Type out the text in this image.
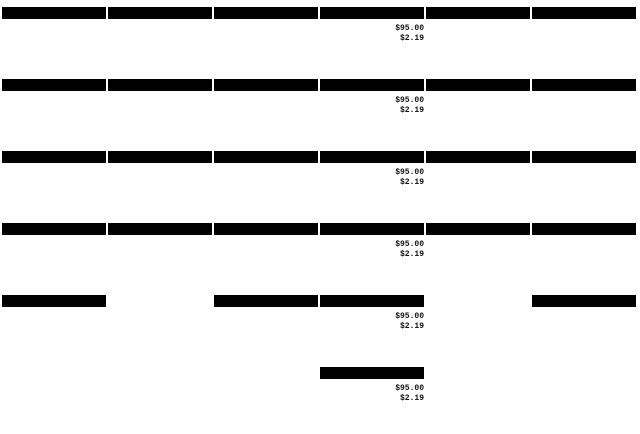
$95.00
$2.19
$95.00
$2.19
$95.00
$2.19
$95.00
$2.19
$95.00
$2.19
$95.00
$2.19
